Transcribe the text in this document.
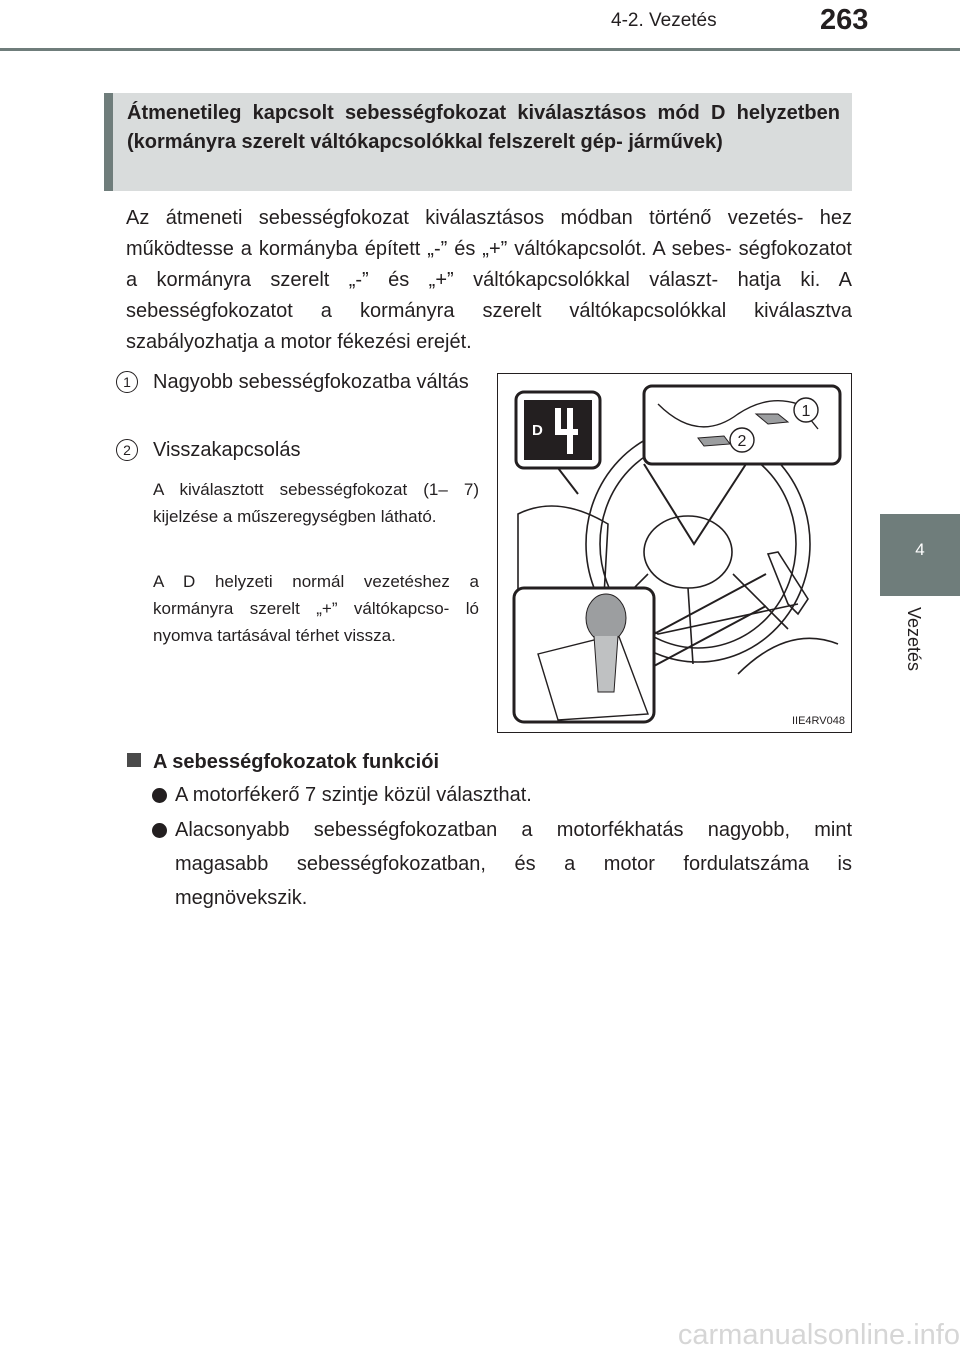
4-2. Vezetés	263
4
Vezetés
Átmenetileg kapcsolt sebességfokozat kiválasztásos mód D helyzetben (kormányra szerelt váltókapcsolókkal felszerelt gép- járművek)

Az átmeneti sebességfokozat kiválasztásos módban történő vezetés- hez működtesse a kormányba épített „-” és „+” váltókapcsolót. A sebes- ségfokozatot a kormányra szerelt „-” és „+” váltókapcsolókkal választ- hatja ki. A sebességfokozatot a kormányra szerelt váltókapcsolókkal kiválasztva szabályozhatja a motor fékezési erejét.

1	Nagyobb sebességfokozatba váltás
2	Visszakapcsolás

A kiválasztott sebességfokozat (1– 7) kijelzése a műszeregységben látható.

A D helyzeti normál vezetéshez a kormányra szerelt „+” váltókapcso- ló nyomva tartásával térhet vissza.

D
1
2
IIE4RV048
A sebességfokozatok funkciói
A motorfékerő 7 szintje közül választhat.
Alacsonyabb sebességfokozatban a motorfékhatás nagyobb, mint magasabb sebességfokozatban, és a motor fordulatszáma is megnövekszik.
carmanualsonline.info
